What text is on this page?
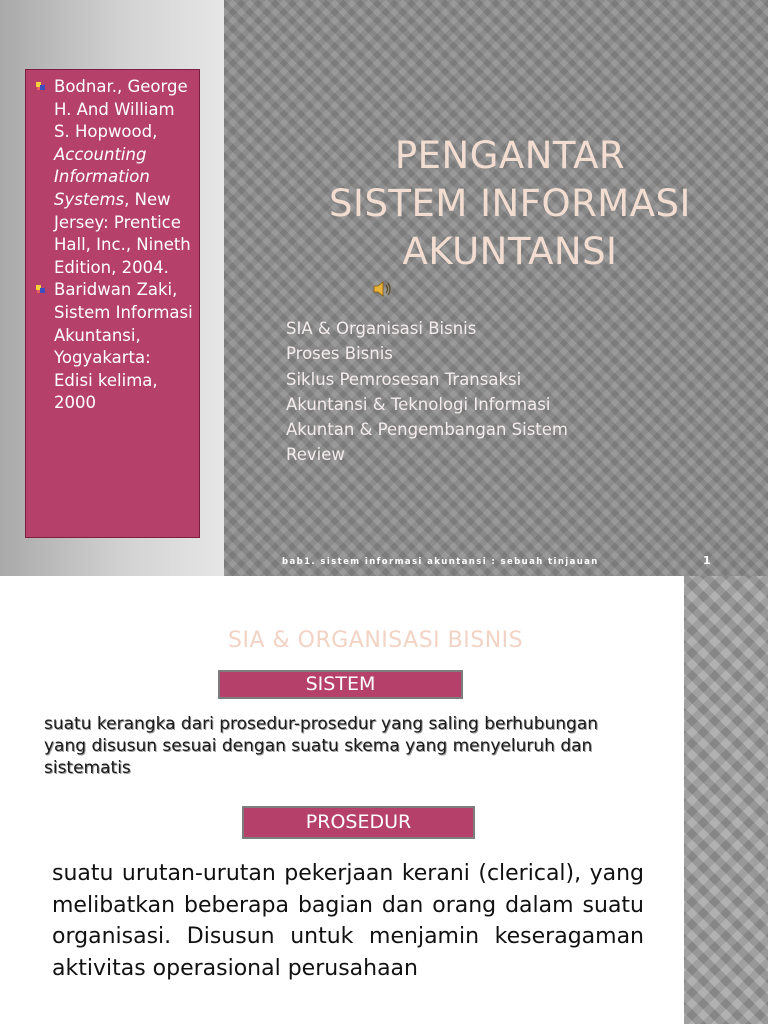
Bodnar., George H. And William S. Hopwood, Accounting Information Systems, New Jersey: Prentice Hall, Inc., Nineth Edition, 2004.
Baridwan Zaki, Sistem Informasi Akuntansi, Yogyakarta: Edisi kelima, 2000
PENGANTAR
SISTEM INFORMASI
AKUNTANSI
SIA & Organisasi Bisnis
Proses Bisnis
Siklus Pemrosesan Transaksi
Akuntansi & Teknologi Informasi
Akuntan & Pengembangan Sistem
Review
bab1. sistem informasi akuntansi : sebuah tinjauan	1
SIA & ORGANISASI BISNIS
SISTEM
suatu kerangka dari prosedur-prosedur yang saling berhubungan yang disusun sesuai dengan suatu skema yang menyeluruh dan sistematis
PROSEDUR
suatu urutan-urutan pekerjaan kerani (clerical), yang melibatkan beberapa bagian dan orang dalam suatu organisasi. Disusun untuk menjamin keseragaman aktivitas operasional perusahaan
